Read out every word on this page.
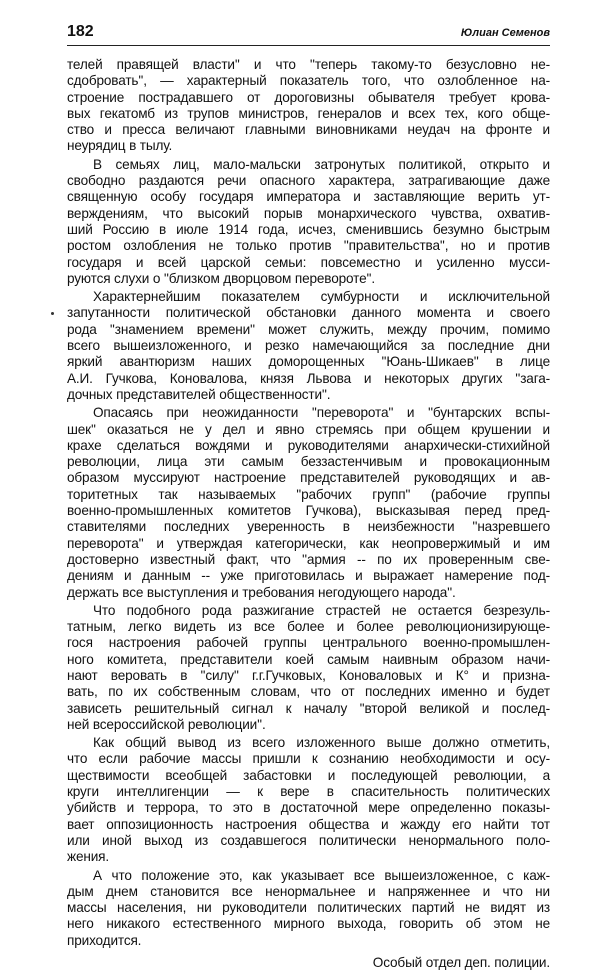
182	Юлиан Семенов
телей правящей власти'' и что ''теперь такому-то безусловно не-
сдобровать'', — характерный показатель того, что озлобленное на-
строение пострадавшего от дороговизны обывателя требует крова-
вых гекатомб из трупов министров, генералов и всех тех, кого обще-
ство и пресса величают главными виновниками неудач на фронте и
неурядиц в тылу.
В семьях лиц, мало-мальски затронутых политикой, открыто и
свободно раздаются речи опасного характера, затрагивающие даже
священную особу государя императора и заставляющие верить ут-
верждениям, что высокий порыв монархического чувства, охватив-
ший Россию в июле 1914 года, исчез, сменившись безумно быстрым
ростом озлобления не только против ''правительства'', но и против
государя и всей царской семьи: повсеместно и усиленно мусси-
руются слухи о ''близком дворцовом перевороте''.
Характернейшим показателем сумбурности и исключительной
запутанности политической обстановки данного момента и своего
рода ''знамением времени'' может служить, между прочим, помимо
всего вышеизложенного, и резко намечающийся за последние дни
яркий авантюризм наших доморощенных ''Юань-Шикаев'' в лице
А.И. Гучкова, Коновалова, князя Львова и некоторых других ''зага-
дочных представителей общественности''.
Опасаясь при неожиданности ''переворота'' и ''бунтарских вспы-
шек'' оказаться не у дел и явно стремясь при общем крушении и
крахе сделаться вождями и руководителями анархически-стихийной
революции, лица эти самым беззастенчивым и провокационным
образом муссируют настроение представителей руководящих и ав-
торитетных так называемых ''рабочих групп'' (рабочие группы
военно-промышленных комитетов Гучкова), высказывая перед пред-
ставителями последних уверенность в неизбежности ''назревшего
переворота'' и утверждая категорически, как неопровержимый и им
достоверно известный факт, что ''армия -- по их проверенным све-
дениям и данным -- уже приготовилась и выражает намерение под-
держать все выступления и требования негодующего народа''.
Что подобного рода разжигание страстей не остается безрезуль-
татным, легко видеть из все более и более революционизирующе-
гося настроения рабочей группы центрального военно-промышлен-
ного комитета, представители коей самым наивным образом начи-
нают веровать в ''силу'' г.г.Гучковых, Коноваловых и К° и призна-
вать, по их собственным словам, что от последних именно и будет
зависеть решительный сигнал к началу ''второй великой и послед-
ней всероссийской революции''.
Как общий вывод из всего изложенного выше должно отметить,
что если рабочие массы пришли к сознанию необходимости и осу-
ществимости всеобщей забастовки и последующей революции, а
круги интеллигенции — к вере в спасительность политических
убийств и террора, то это в достаточной мере определенно показы-
вает оппозиционность настроения общества и жажду его найти тот
или иной выход из создавшегося политически ненормального поло-
жения.
А что положение это, как указывает все вышеизложенное, с каж-
дым днем становится все ненормальнее и напряженнее и что ни
массы населения, ни руководители политических партий не видят из
него никакого естественного мирного выхода, говорить об этом не
приходится.
Особый отдел деп. полиции.
